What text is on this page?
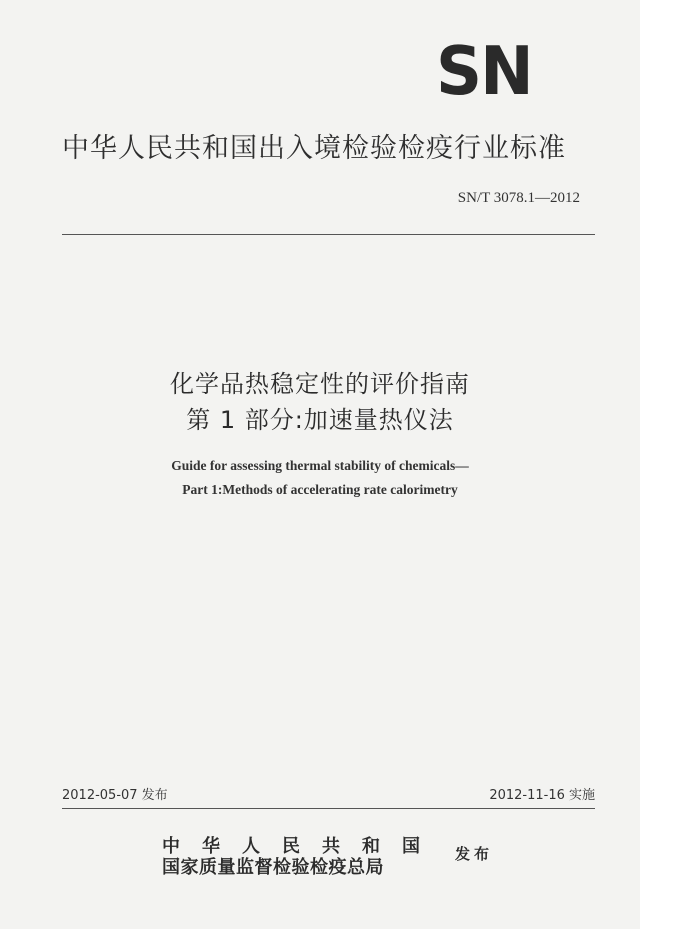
SN
中华人民共和国出入境检验检疫行业标准
SN/T 3078.1—2012
化学品热稳定性的评价指南
第 1 部分:加速量热仪法
Guide for assessing thermal stability of chemicals—
Part 1:Methods of accelerating rate calorimetry
2012-05-07 发布	2012-11-16 实施
中华人民共和国
国家质量监督检验检疫总局
发布
